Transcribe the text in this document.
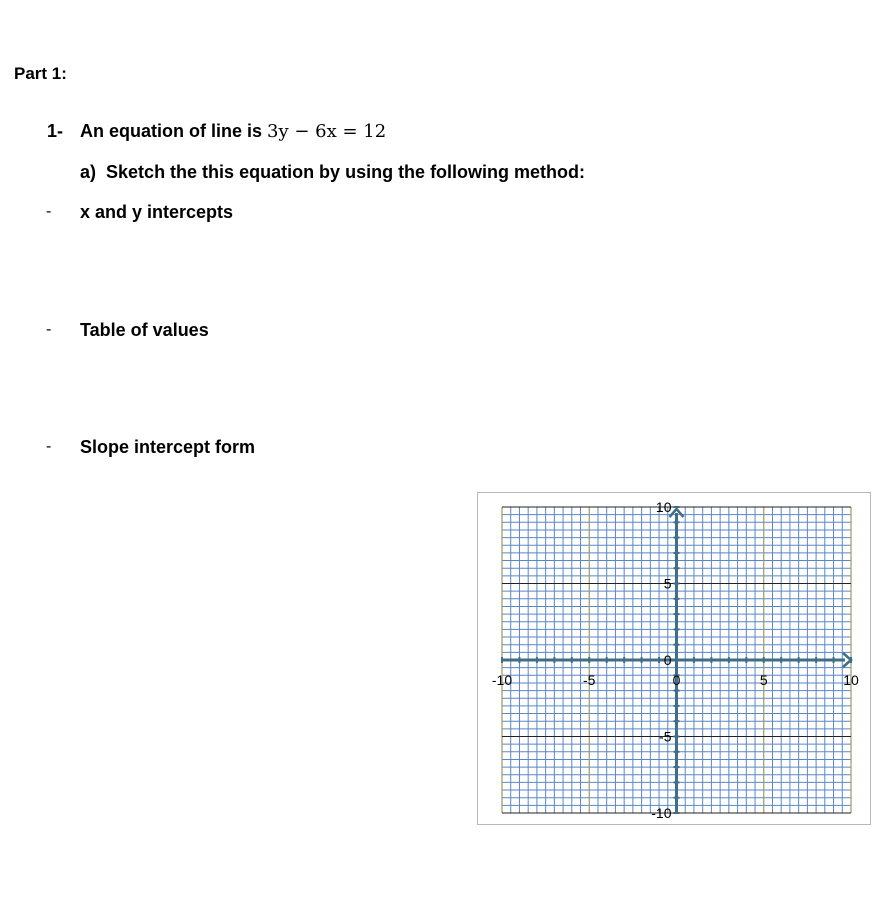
Part 1:
1- An equation of line is 3y − 6x = 12
a) Sketch the this equation by using the following method:
- x and y intercepts
- Table of values
- Slope intercept form
-10	-5	0	5	10
10
5
0
-5
-10
